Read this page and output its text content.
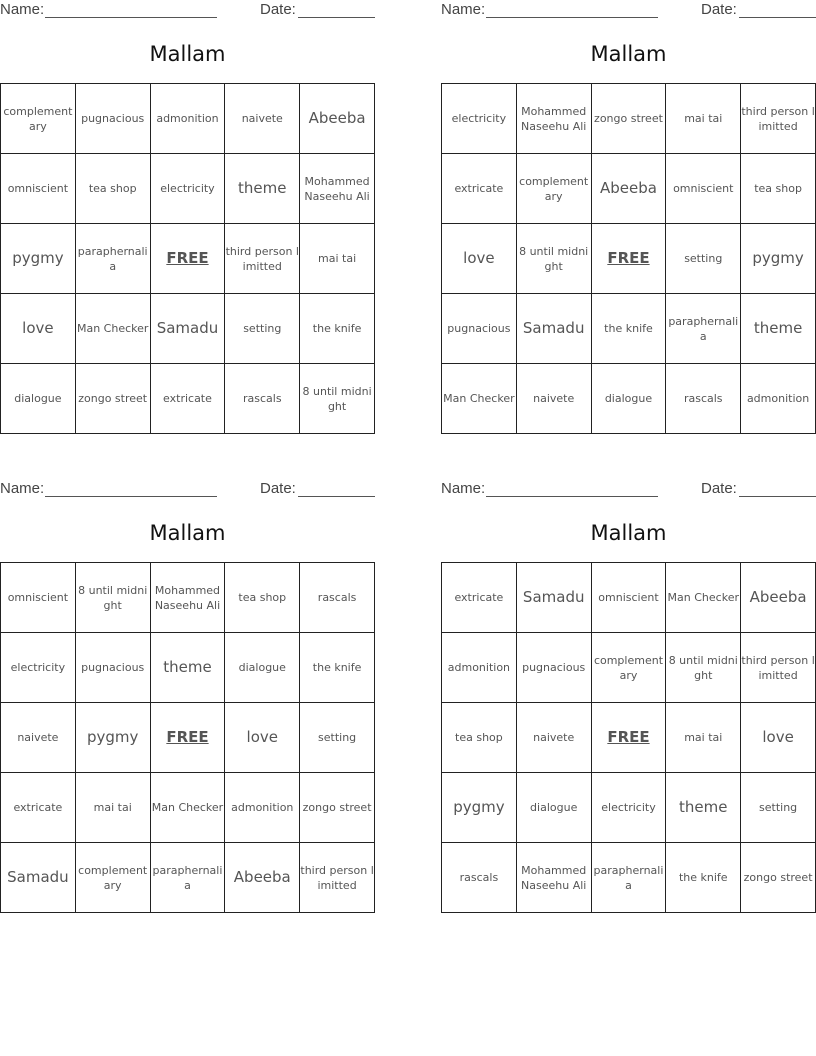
Name:	Date:
Mallam
complementary	pugnacious	admonition	naivete	Abeeba
omniscient	tea shop	electricity	theme	Mohammed Naseehu Ali
pygmy	paraphernalia	FREE	third person limitted	mai tai
love	Man Checker	Samadu	setting	the knife
dialogue	zongo street	extricate	rascals	8 until midnight
Name:	Date:
Mallam
electricity	Mohammed Naseehu Ali	zongo street	mai tai	third person limitted
extricate	complementary	Abeeba	omniscient	tea shop
love	8 until midnight	FREE	setting	pygmy
pugnacious	Samadu	the knife	paraphernalia	theme
Man Checker	naivete	dialogue	rascals	admonition
Name:	Date:
Mallam
omniscient	8 until midnight	Mohammed Naseehu Ali	tea shop	rascals
electricity	pugnacious	theme	dialogue	the knife
naivete	pygmy	FREE	love	setting
extricate	mai tai	Man Checker	admonition	zongo street
Samadu	complementary	paraphernalia	Abeeba	third person limitted
Name:	Date:
Mallam
extricate	Samadu	omniscient	Man Checker	Abeeba
admonition	pugnacious	complementary	8 until midnight	third person limitted
tea shop	naivete	FREE	mai tai	love
pygmy	dialogue	electricity	theme	setting
rascals	Mohammed Naseehu Ali	paraphernalia	the knife	zongo street
